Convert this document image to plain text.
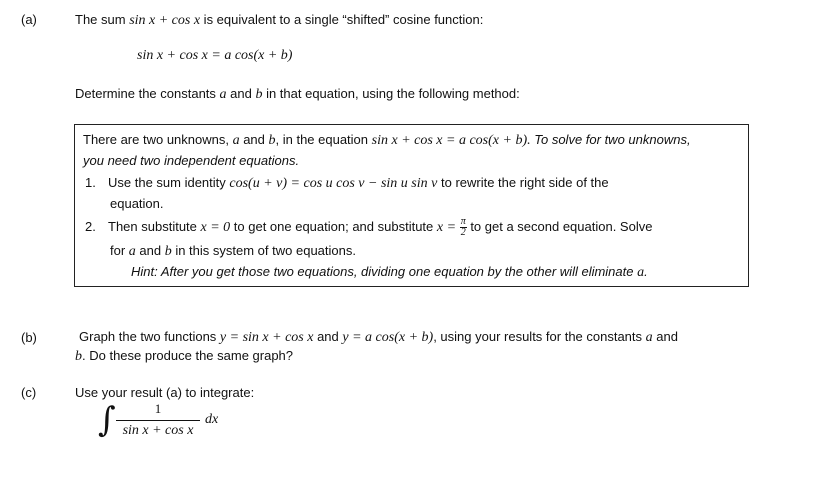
(a)	The sum sin x + cos x is equivalent to a single “shifted” cosine function:
sin x + cos x = a cos(x + b)
Determine the constants a and b in that equation, using the following method:
There are two unknowns, a and b, in the equation sin x + cos x = a cos(x + b). To solve for two unknowns,
you need two independent equations.
1. Use the sum identity cos(u + v) = cos u cos v − sin u sin v to rewrite the right side of the
equation.
2. Then substitute x = 0 to get one equation; and substitute $x = \frac{\pi}{2}$ to get a second equation. Solve
for a and b in this system of two equations.
Hint: After you get those two equations, dividing one equation by the other will eliminate a.
(b)	Graph the two functions y = sin x + cos x and y = a cos(x + b), using your results for the constants a and
b. Do these produce the same graph?
(c)	Use your result (a) to integrate:
∫	1
sin x + cos x
dx
